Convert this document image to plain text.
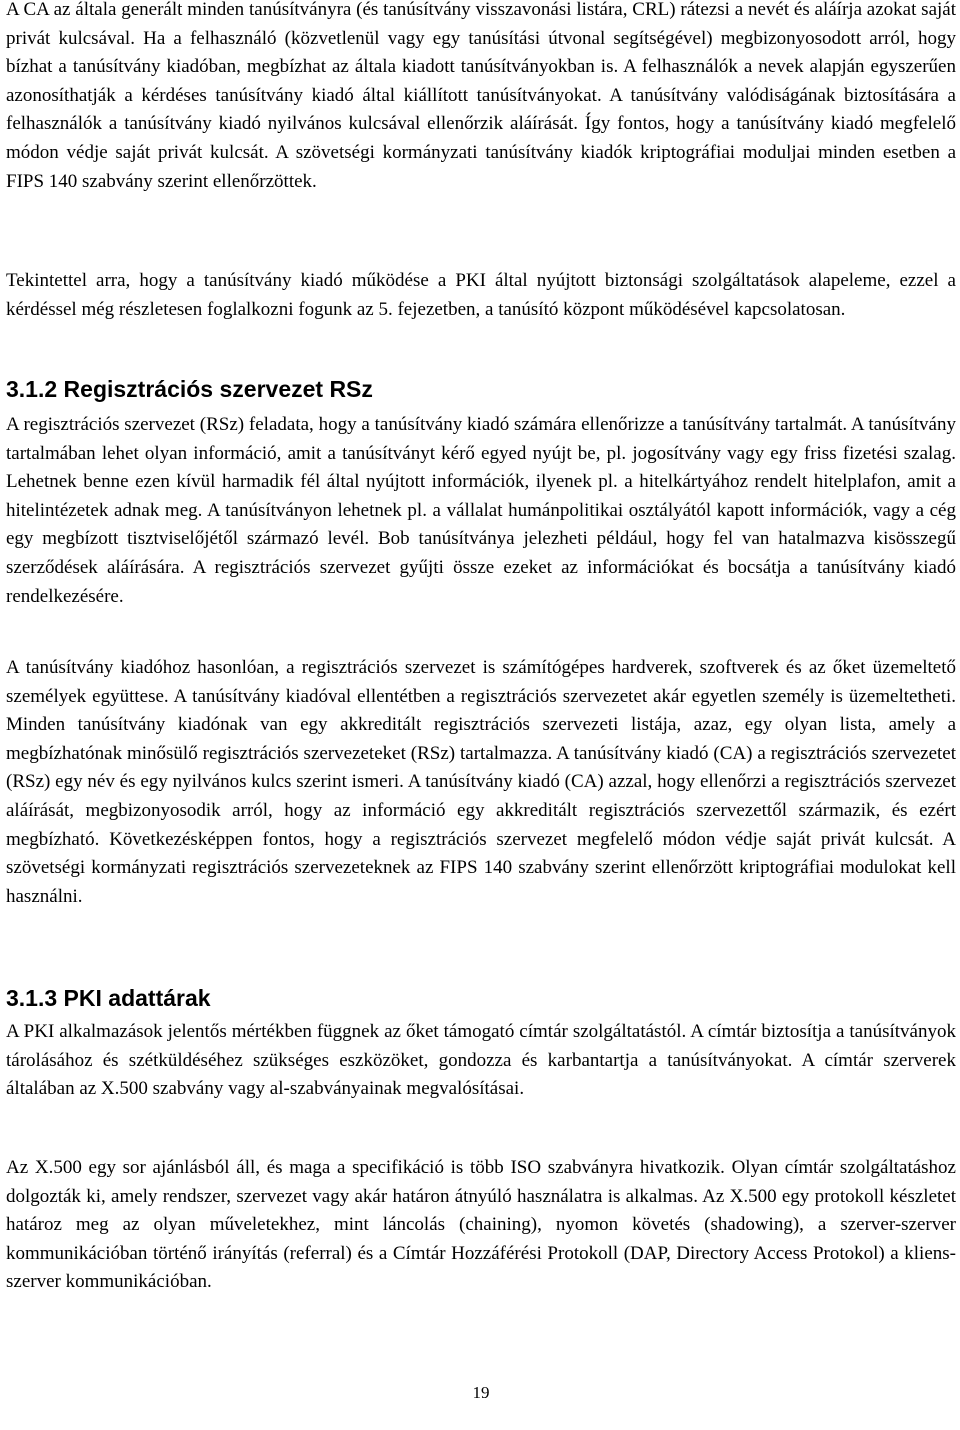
A CA az általa generált minden tanúsítványra (és tanúsítvány visszavonási listára, CRL) rátezsi a nevét és aláírja azokat saját privát kulcsával. Ha a felhasználó (közvetlenül vagy egy tanúsítási útvonal segítségével) megbizonyosodott arról, hogy bízhat a tanúsítvány kiadóban, megbízhat az általa kiadott tanúsítványokban is. A felhasználók a nevek alapján egyszerűen azonosíthatják a kérdéses tanúsítvány kiadó által kiállított tanúsítványokat. A tanúsítvány valódiságának biztosítására a felhasználók a tanúsítvány kiadó nyilvános kulcsával ellenőrzik aláírását. Így fontos, hogy a tanúsítvány kiadó megfelelő módon védje saját privát kulcsát. A szövetségi kormányzati tanúsítvány kiadók kriptográfiai moduljai minden esetben a FIPS 140 szabvány szerint ellenőrzöttek.

Tekintettel arra, hogy a tanúsítvány kiadó működése a PKI által nyújtott biztonsági szolgáltatások alapeleme, ezzel a kérdéssel még részletesen foglalkozni fogunk az 5. fejezetben, a tanúsító központ működésével kapcsolatosan.

3.1.2 Regisztrációs szervezet RSz

A regisztrációs szervezet (RSz) feladata, hogy a tanúsítvány kiadó számára ellenőrizze a tanúsítvány tartalmát. A tanúsítvány tartalmában lehet olyan információ, amit a tanúsítványt kérő egyed nyújt be, pl. jogosítvány vagy egy friss fizetési szalag. Lehetnek benne ezen kívül harmadik fél által nyújtott információk, ilyenek pl. a hitelkártyához rendelt hitelplafon, amit a hitelintézetek adnak meg. A tanúsítványon lehetnek pl. a vállalat humánpolitikai osztályától kapott információk, vagy a cég egy megbízott tisztviselőjétől származó levél. Bob tanúsítványa jelezheti például, hogy fel van hatalmazva kisösszegű szerződések aláírására. A regisztrációs szervezet gyűjti össze ezeket az információkat és bocsátja a tanúsítvány kiadó rendelkezésére.

A tanúsítvány kiadóhoz hasonlóan, a regisztrációs szervezet is számítógépes hardverek, szoftverek és az őket üzemeltető személyek együttese. A tanúsítvány kiadóval ellentétben a regisztrációs szervezetet akár egyetlen személy is üzemeltetheti. Minden tanúsítvány kiadónak van egy akkreditált regisztrációs szervezeti listája, azaz, egy olyan lista, amely a megbízhatónak minősülő regisztrációs szervezeteket (RSz) tartalmazza. A tanúsítvány kiadó (CA) a regisztrációs szervezetet (RSz) egy név és egy nyilvános kulcs szerint ismeri. A tanúsítvány kiadó (CA) azzal, hogy ellenőrzi a regisztrációs szervezet aláírását, megbizonyosodik arról, hogy az információ egy akkreditált regisztrációs szervezettől származik, és ezért megbízható. Következésképpen fontos, hogy a regisztrációs szervezet megfelelő módon védje saját privát kulcsát. A szövetségi kormányzati regisztrációs szervezeteknek az FIPS 140 szabvány szerint ellenőrzött kriptográfiai modulokat kell használni.

3.1.3 PKI adattárak

A PKI alkalmazások jelentős mértékben függnek az őket támogató címtár szolgáltatástól. A címtár biztosítja a tanúsítványok tárolásához és szétküldéséhez szükséges eszközöket, gondozza és karbantartja a tanúsítványokat. A címtár szerverek általában az X.500 szabvány vagy al-szabványainak megvalósításai.

Az X.500 egy sor ajánlásból áll, és maga a specifikáció is több ISO szabványra hivatkozik. Olyan címtár szolgáltatáshoz dolgozták ki, amely rendszer, szervezet vagy akár határon átnyúló használatra is alkalmas. Az X.500 egy protokoll készletet határoz meg az olyan műveletekhez, mint láncolás (chaining), nyomon követés (shadowing), a szerver-szerver kommunikációban történő irányítás (referral) és a Címtár Hozzáférési Protokoll (DAP, Directory Access Protokol) a kliens-szerver kommunikációban.

19
